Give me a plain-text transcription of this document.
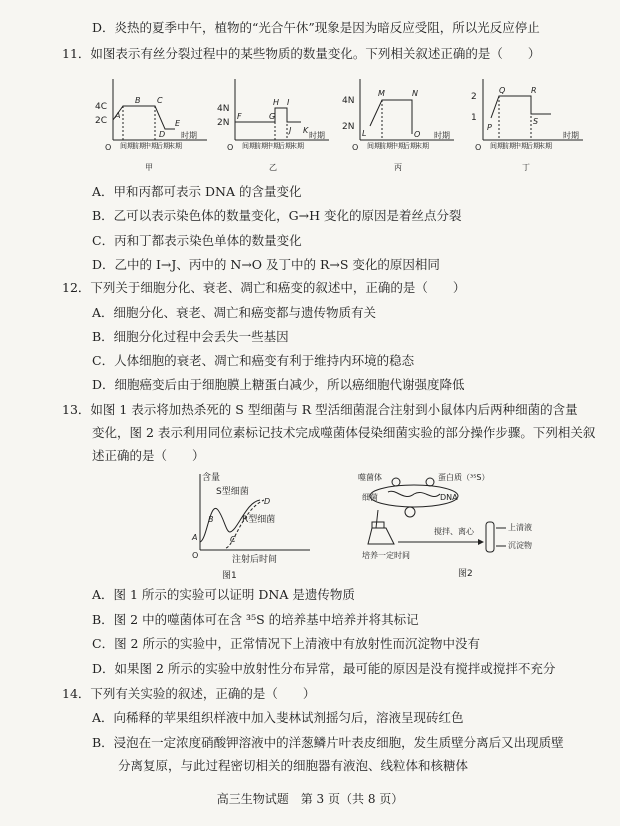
D．炎热的夏季中午，植物的“光合午休”现象是因为暗反应受阻，所以光反应停止
11．如图表示有丝分裂过程中的某些物质的数量变化。下列相关叙述正确的是（　　）
4C
2C
A
B C
D
E
时期
O 间期
前期
中期
后期
末期
甲
4N
2N
F	G
H I
J K
时期
O 间期
前期
中期
后期
末期
乙
4N
2N
L
M	N
O 时期
O 间期
前期
中期
后期
末期
丙
2
1
P
Q	R
S
时期
O 间期
前期
中期
后期
末期
丁
A．甲和丙都可表示 DNA 的含量变化
B．乙可以表示染色体的数量变化，G→H 变化的原因是着丝点分裂
C．丙和丁都表示染色单体的数量变化
D．乙中的 I→J、丙中的 N→O 及丁中的 R→S 变化的原因相同
12．下列关于细胞分化、衰老、凋亡和癌变的叙述中，正确的是（　　）
A．细胞分化、衰老、凋亡和癌变都与遗传物质有关
B．细胞分化过程中会丢失一些基因
C．人体细胞的衰老、凋亡和癌变有利于维持内环境的稳态
D．细胞癌变后由于细胞膜上糖蛋白减少，所以癌细胞代谢强度降低
13．如图 1 表示将加热杀死的 S 型细菌与 R 型活细菌混合注射到小鼠体内后两种细菌的含量
变化，图 2 表示利用同位素标记技术完成噬菌体侵染细菌实验的部分操作步骤。下列相关叙
述正确的是（　　）
含量
S型细菌
R型细菌
A
B
C
D
O	注射后时间
图1
噬菌体
细菌
蛋白质（³⁵S）
DNA
搅拌、离心	上清液
沉淀物
培养一定时间
图2
A．图 1 所示的实验可以证明 DNA 是遗传物质
B．图 2 中的噬菌体可在含 ³⁵S 的培养基中培养并将其标记
C．图 2 所示的实验中，正常情况下上清液中有放射性而沉淀物中没有
D．如果图 2 所示的实验中放射性分布异常，最可能的原因是没有搅拌或搅拌不充分
14．下列有关实验的叙述，正确的是（　　）
A．向稀释的苹果组织样液中加入斐林试剂摇匀后，溶液呈现砖红色
B．浸泡在一定浓度硝酸钾溶液中的洋葱鳞片叶表皮细胞，发生质壁分离后又出现质壁
分离复原，与此过程密切相关的细胞器有液泡、线粒体和核糖体
高三生物试题　第 3 页（共 8 页）
